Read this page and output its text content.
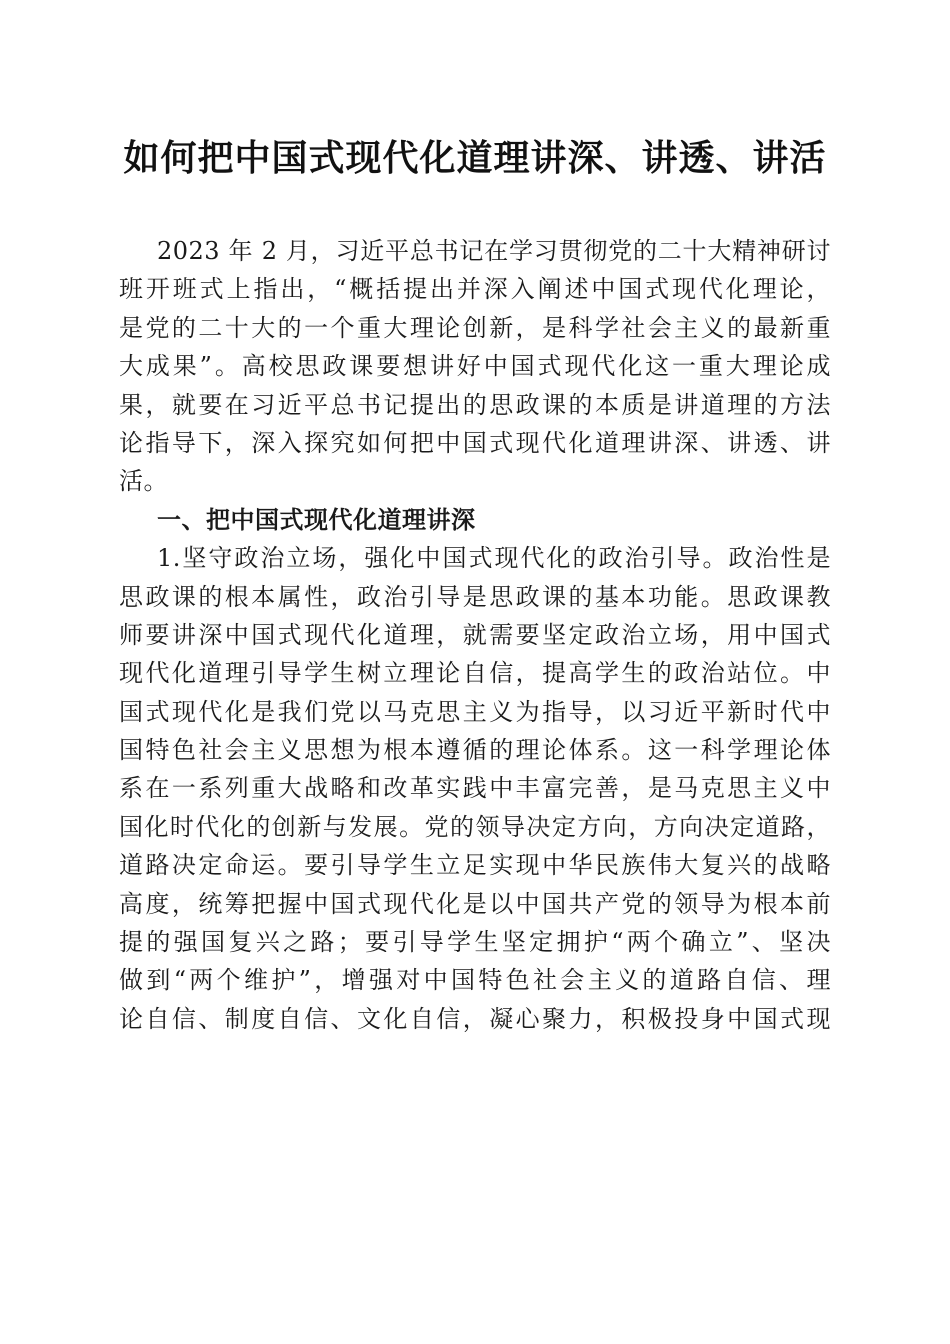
如何把中国式现代化道理讲深、讲透、讲活
2023 年 2 月，习近平总书记在学习贯彻党的二十大精神研讨
班开班式上指出，“概括提出并深入阐述中国式现代化理论，
是党的二十大的一个重大理论创新，是科学社会主义的最新重
大成果”。高校思政课要想讲好中国式现代化这一重大理论成
果，就要在习近平总书记提出的思政课的本质是讲道理的方法
论指导下，深入探究如何把中国式现代化道理讲深、讲透、讲
活。
一、把中国式现代化道理讲深
1.坚守政治立场，强化中国式现代化的政治引导。政治性是
思政课的根本属性，政治引导是思政课的基本功能。思政课教
师要讲深中国式现代化道理，就需要坚定政治立场，用中国式
现代化道理引导学生树立理论自信，提高学生的政治站位。中
国式现代化是我们党以马克思主义为指导，以习近平新时代中
国特色社会主义思想为根本遵循的理论体系。这一科学理论体
系在一系列重大战略和改革实践中丰富完善，是马克思主义中
国化时代化的创新与发展。党的领导决定方向，方向决定道路，
道路决定命运。要引导学生立足实现中华民族伟大复兴的战略
高度，统筹把握中国式现代化是以中国共产党的领导为根本前
提的强国复兴之路；要引导学生坚定拥护“两个确立”、坚决
做到“两个维护”，增强对中国特色社会主义的道路自信、理
论自信、制度自信、文化自信，凝心聚力，积极投身中国式现
